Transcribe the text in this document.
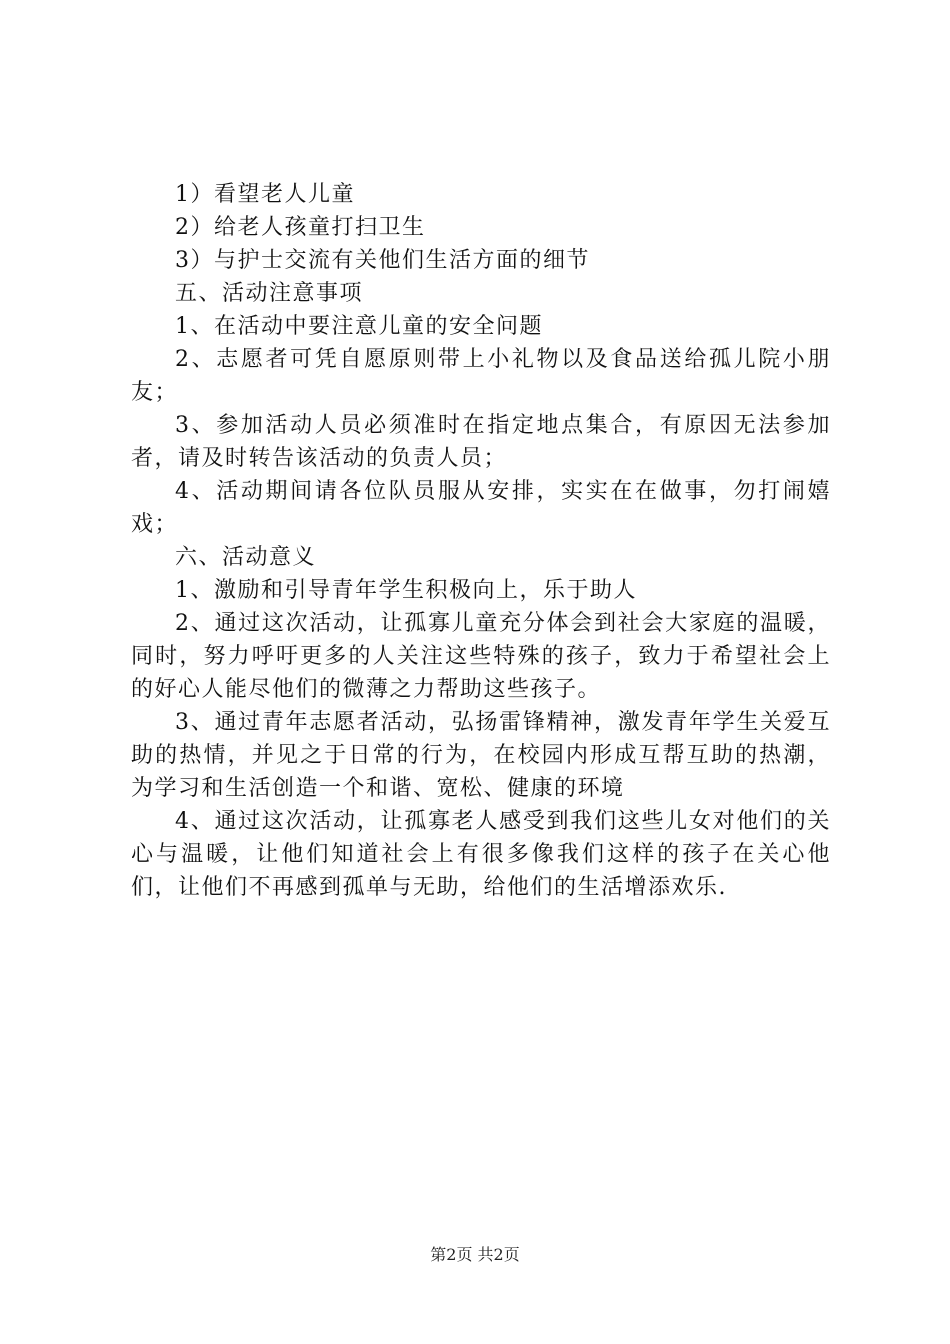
1）看望老人儿童

2）给老人孩童打扫卫生

3）与护士交流有关他们生活方面的细节

五、活动注意事项

1、在活动中要注意儿童的安全问题

2、志愿者可凭自愿原则带上小礼物以及食品送给孤儿院小朋友；

3、参加活动人员必须准时在指定地点集合，有原因无法参加者，请及时转告该活动的负责人员；

4、活动期间请各位队员服从安排，实实在在做事，勿打闹嬉戏；

六、活动意义

1、激励和引导青年学生积极向上，乐于助人

2、通过这次活动，让孤寡儿童充分体会到社会大家庭的温暖，同时，努力呼吁更多的人关注这些特殊的孩子，致力于希望社会上的好心人能尽他们的微薄之力帮助这些孩子。

3、通过青年志愿者活动，弘扬雷锋精神，激发青年学生关爱互助的热情，并见之于日常的行为，在校园内形成互帮互助的热潮，为学习和生活创造一个和谐、宽松、健康的环境

4、通过这次活动，让孤寡老人感受到我们这些儿女对他们的关心与温暖，让他们知道社会上有很多像我们这样的孩子在关心他们，让他们不再感到孤单与无助，给他们的生活增添欢乐.

第2页 共2页
